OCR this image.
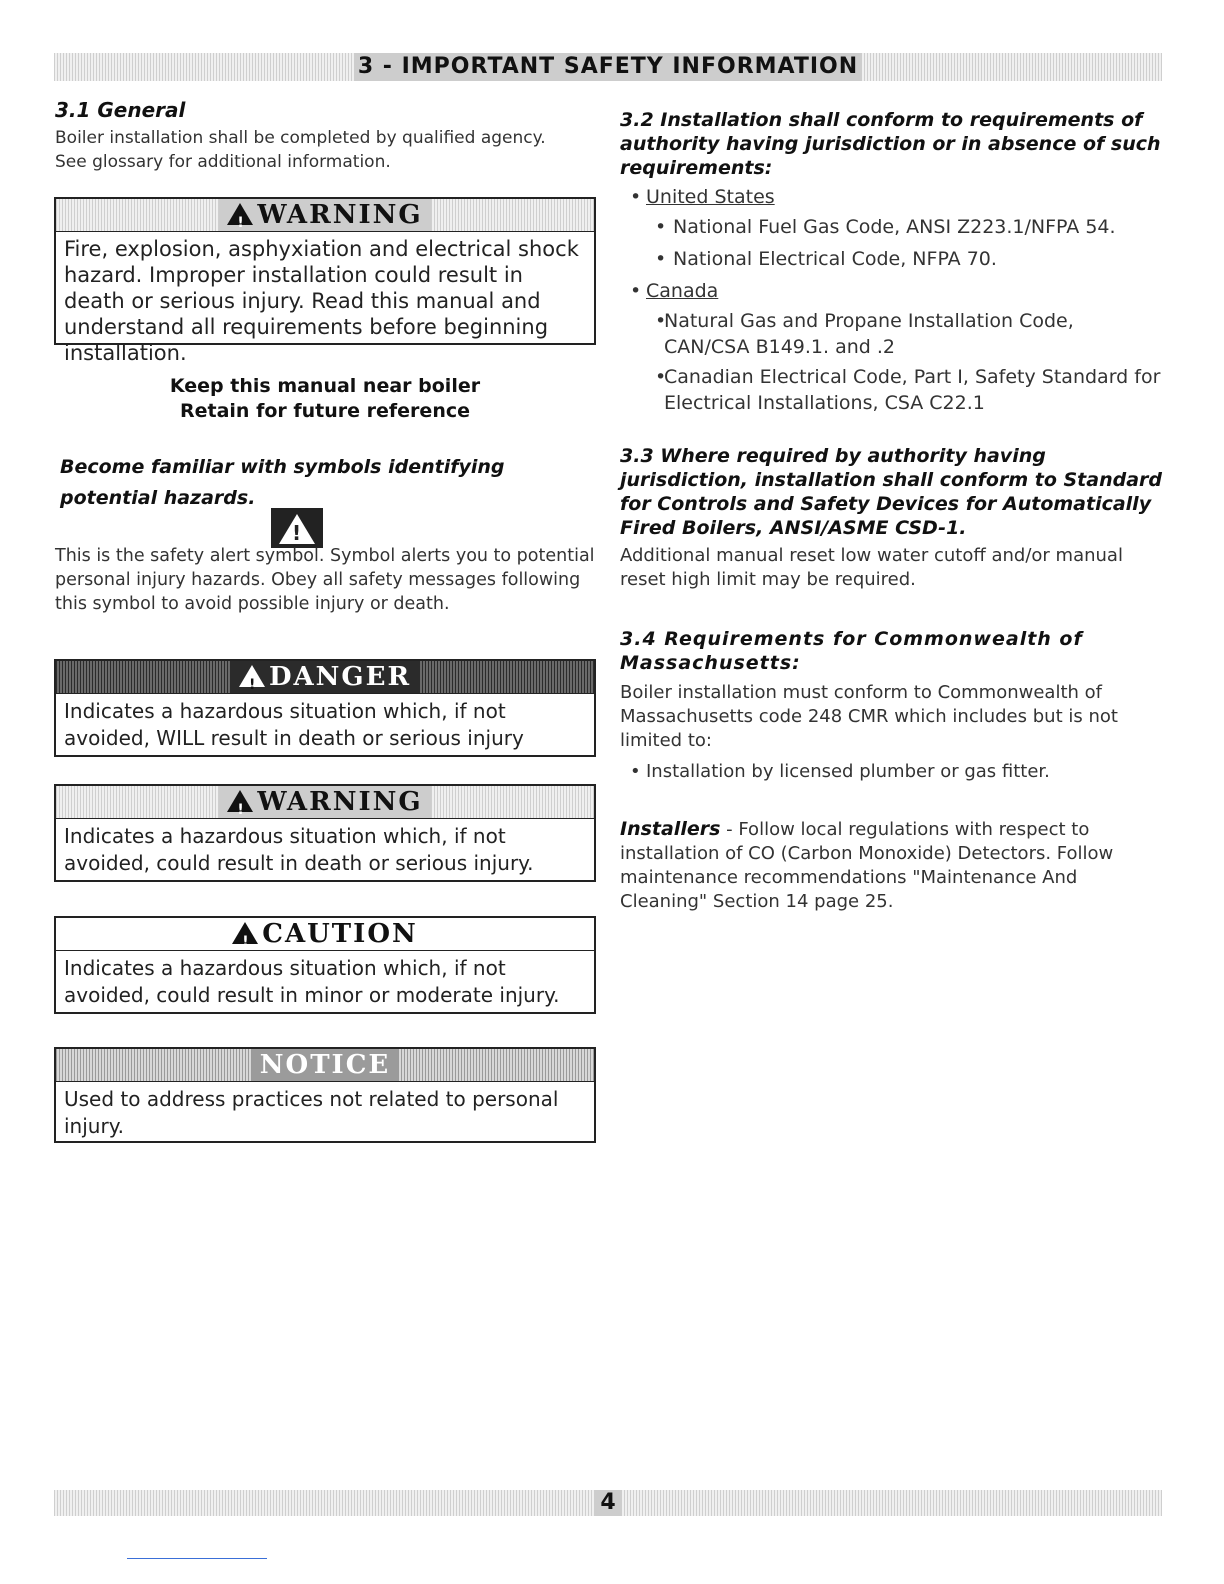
3 - IMPORTANT SAFETY INFORMATION
3.1 General
Boiler installation shall be completed by qualified agency.
See glossary for additional information.
!WARNING
Fire, explosion, asphyxiation and electrical shock hazard. Improper installation could result in death or serious injury. Read this manual and understand all requirements before beginning installation.
Keep this manual near boiler
Retain for future reference
Become familiar with symbols identifying
potential hazards.
!
This is the safety alert symbol. Symbol alerts you to potential personal injury hazards. Obey all safety messages following this symbol to avoid possible injury or death.
!DANGER
Indicates a hazardous situation which, if not avoided, WILL result in death or serious injury
!WARNING
Indicates a hazardous situation which, if not avoided, could result in death or serious injury.
!CAUTION
Indicates a hazardous situation which, if not avoided, could result in minor or moderate injury.
NOTICE
Used to address practices not related to personal injury.
3.2 Installation shall conform to requirements of authority having jurisdiction or in absence of such requirements:
• United States
• National Fuel Gas Code, ANSI Z223.1/NFPA 54.
• National Electrical Code, NFPA 70.
• Canada
• Natural Gas and Propane Installation Code, CAN/CSA B149.1. and .2
• Canadian Electrical Code, Part I, Safety Standard for Electrical Installations, CSA C22.1
3.3 Where required by authority having jurisdiction, installation shall conform to Standard for Controls and Safety Devices for Automatically Fired Boilers, ANSI/ASME CSD-1.
Additional manual reset low water cutoff and/or manual reset high limit may be required.
3.4 Requirements for Commonwealth of Massachusetts:
Boiler installation must conform to Commonwealth of Massachusetts code 248 CMR which includes but is not limited to:
• Installation by licensed plumber or gas fitter.
Installers - Follow local regulations with respect to installation of CO (Carbon Monoxide) Detectors. Follow maintenance recommendations "Maintenance And Cleaning" Section 14 page 25.
4
